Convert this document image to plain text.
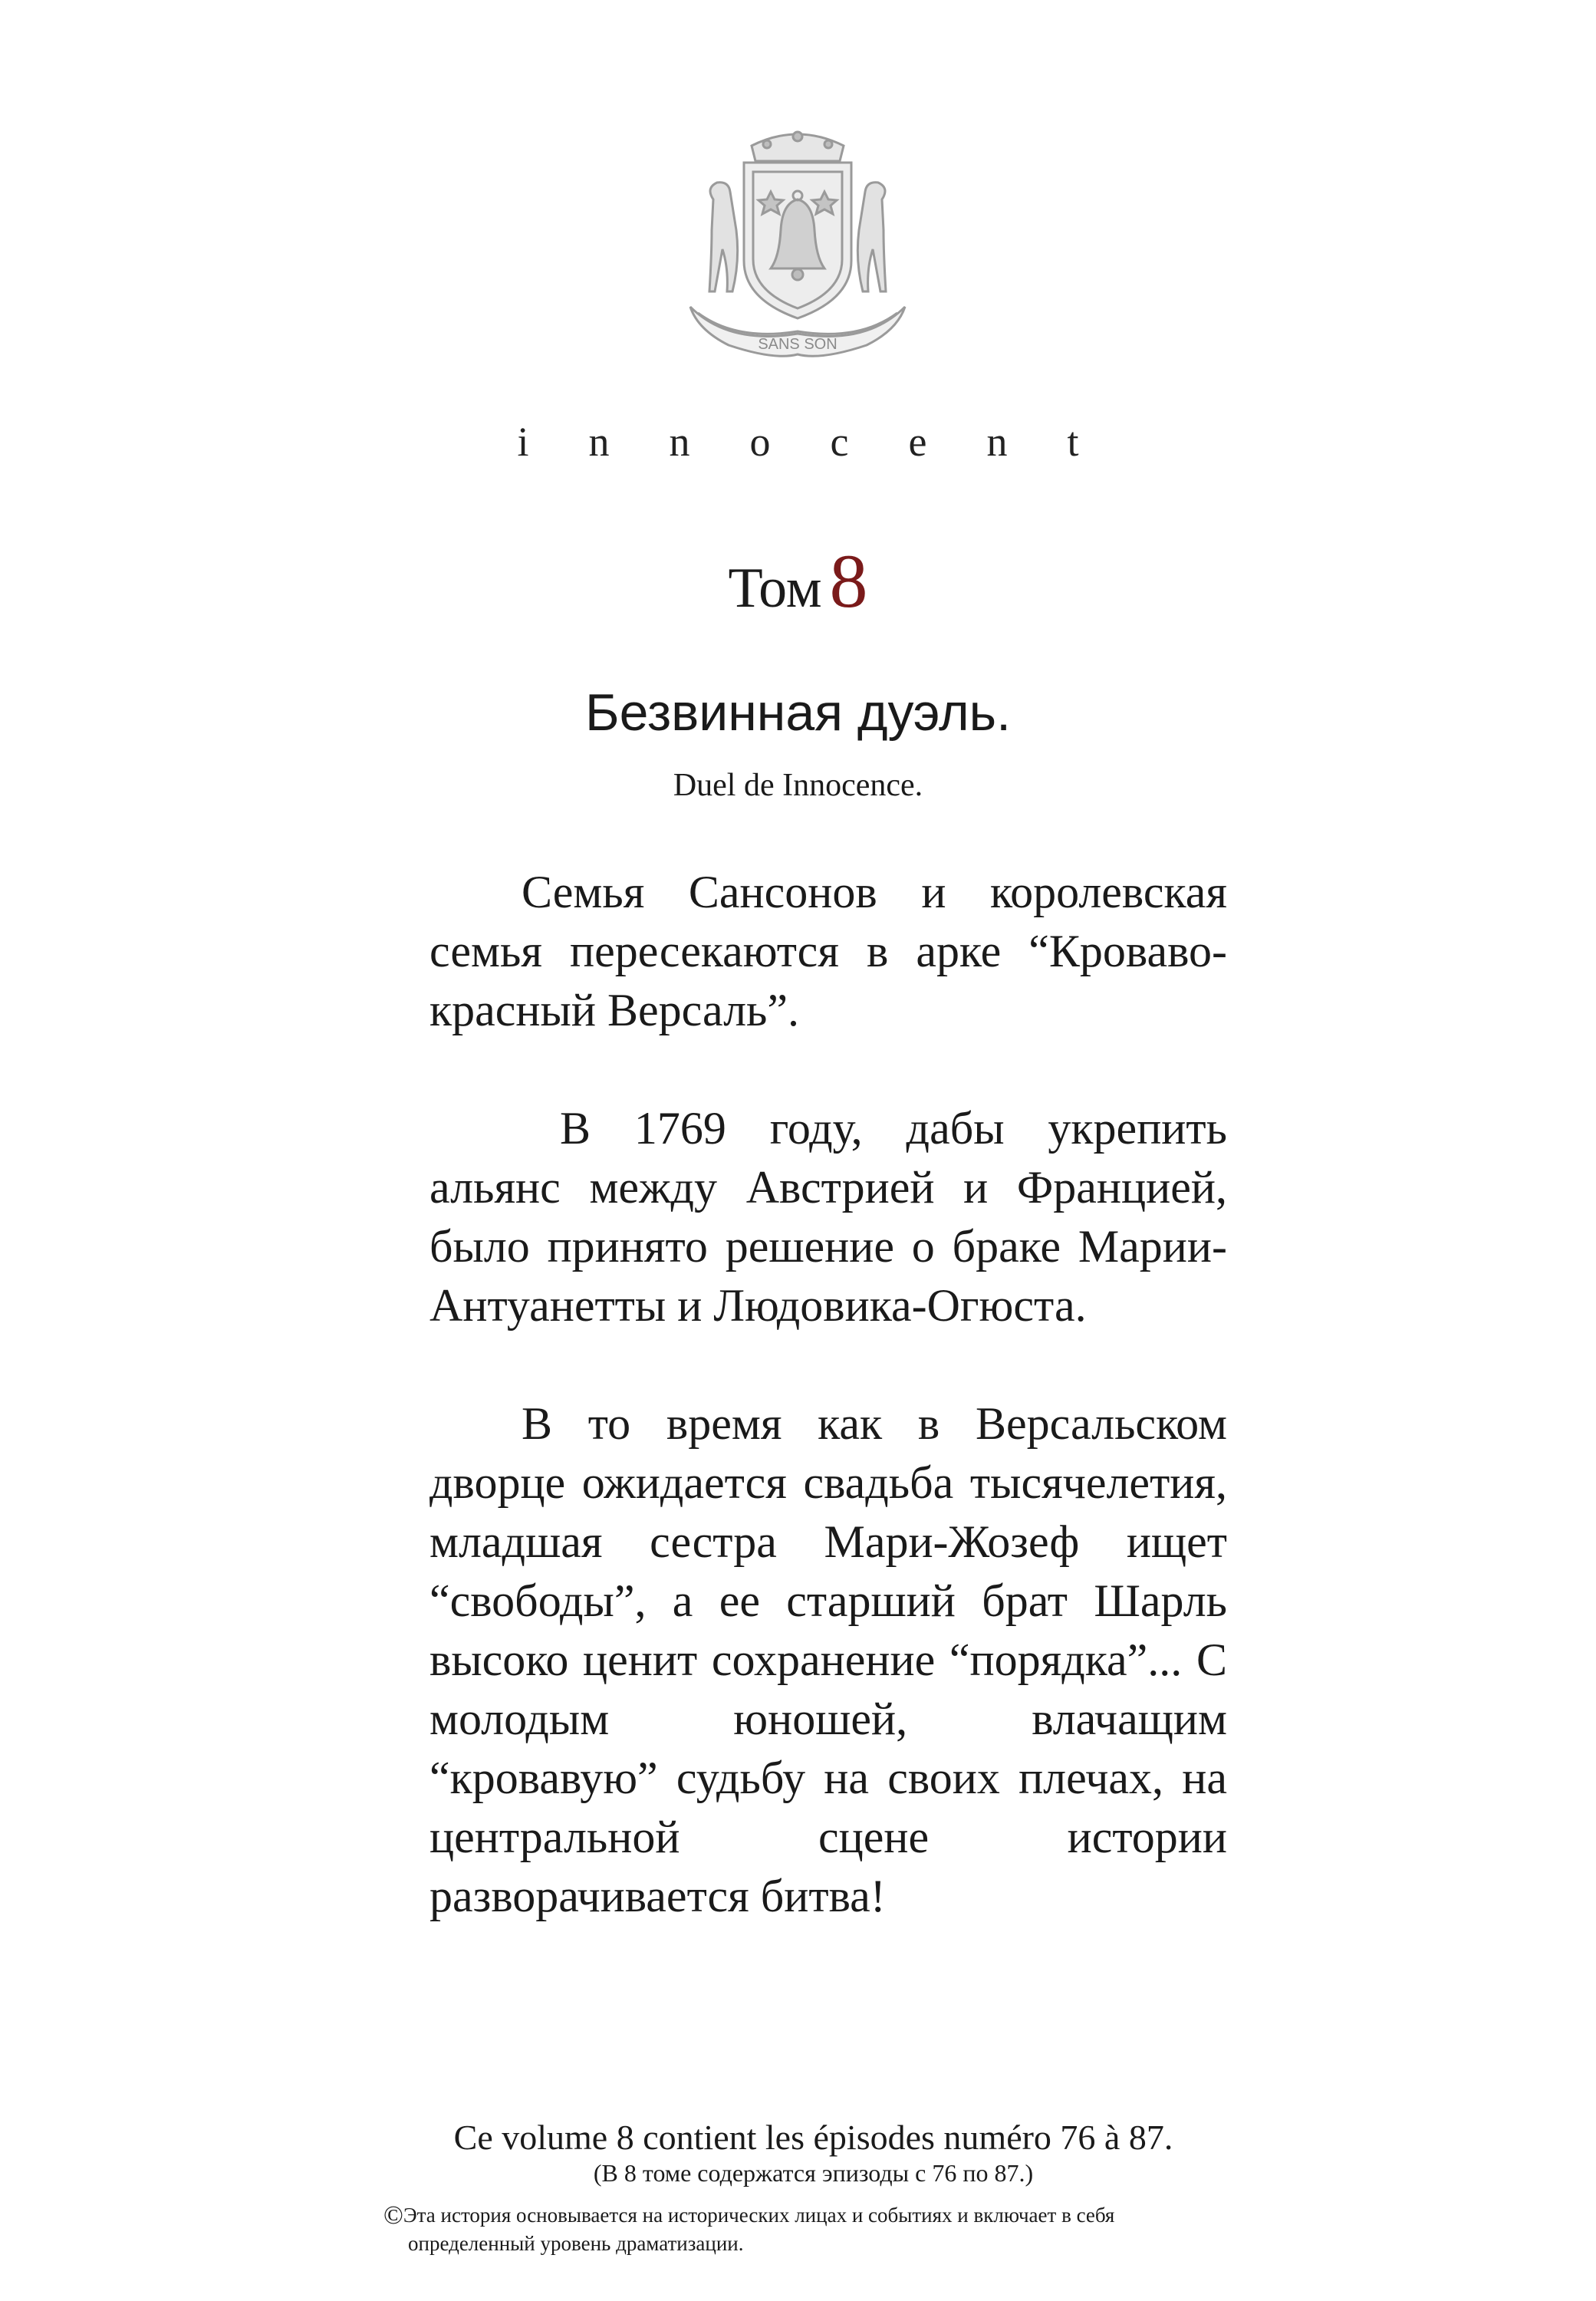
SANS SON
innocent
Том 8
Безвинная дуэль.
Duel de Innocence.

Семья Сансонов и королевская семья пересекаются в арке “Кроваво-красный Версаль”.

В 1769 году, дабы укрепить альянс между Австрией и Францией, было принято решение о браке Марии-Антуанетты и Людовика-Огюста.

В то время как в Версальском дворце ожидается свадьба тысячелетия, младшая сестра Мари-Жозеф ищет “свободы”, а ее старший брат Шарль высоко ценит сохранение “порядка”... С молодым юношей, влачащим “кровавую” судьбу на своих плечах, на центральной сцене истории разворачивается битва!

Ce volume 8 contient les épisodes numéro 76 à 87.
(В 8 томе содержатся эпизоды с 76 по 87.)
©Эта история основывается на исторических лицах и событиях и включает в себя
определенный уровень драматизации.
